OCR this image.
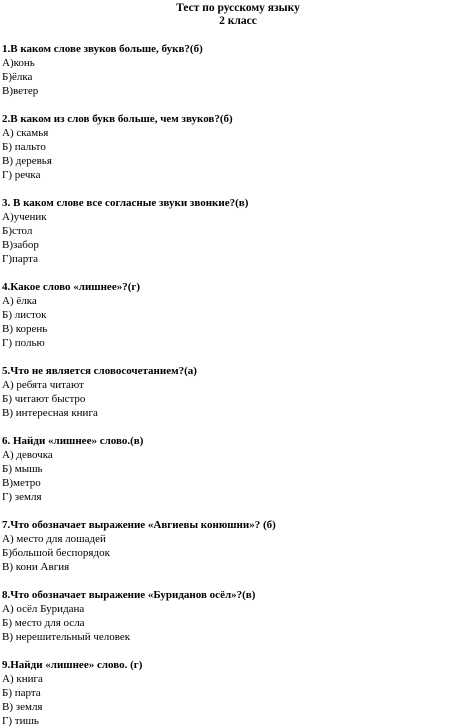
Тест по русскому языку

2 класс

1.В каком слове звуков больше, букв?(б)

А)конь
Б)ёлка
В)ветер

2.В каком из слов букв больше, чем звуков?(б)

А) скамья
Б) пальто
В) деревья
Г) речка

3. В каком слове все согласные звуки звонкие?(в)

А)ученик
Б)стол
В)забор
Г)парта

4.Какое слово «лишнее»?(г)

А) ёлка
Б) листок
В) корень
Г) полью

5.Что не является словосочетанием?(а)

А) ребята читают
Б) читают быстро
В) интересная книга

6. Найди «лишнее» слово.(в)

А) девочка
Б) мышь
В)метро
Г) земля

7.Что обозначает выражение «Авгиевы конюшни»? (б)

А) место для лошадей
Б)большой беспорядок
В) кони Авгия

8.Что обозначает выражение «Буриданов осёл»?(в)

А) осёл Буридана
Б) место для осла
В) нерешительный человек

9.Найди «лишнее» слово. (г)

А) книга
Б) парта
В) земля
Г) тишь
